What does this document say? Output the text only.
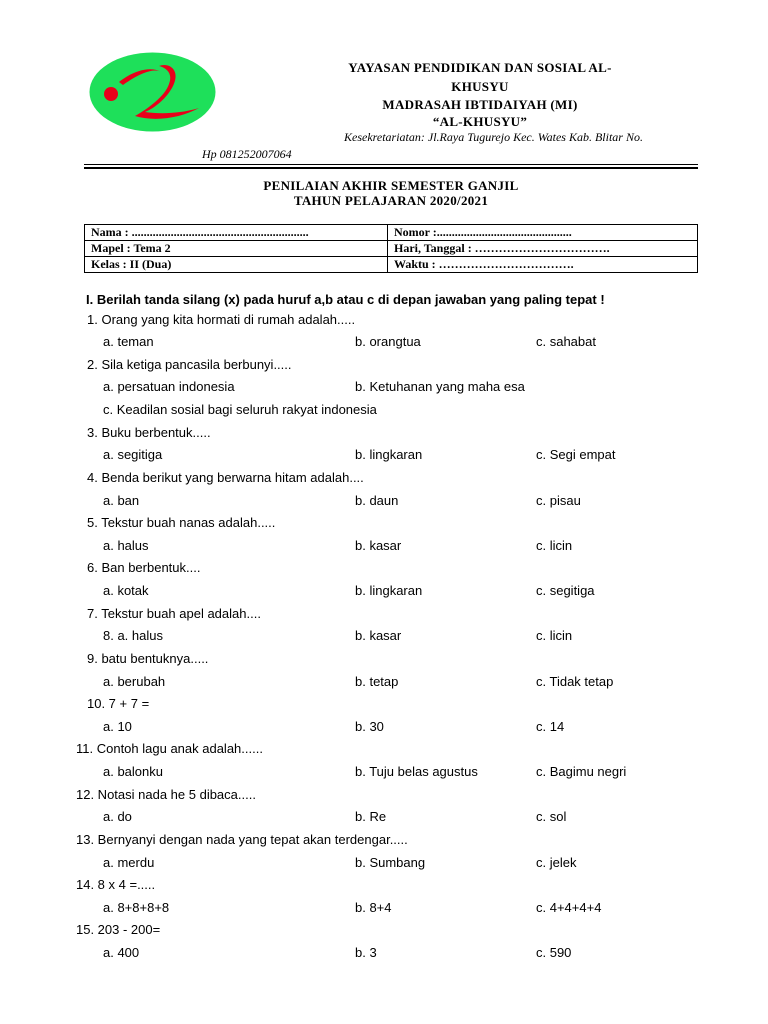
YAYASAN PENDIDIKAN DAN SOSIAL AL-
KHUSYU
MADRASAH IBTIDAIYAH (MI)
“AL-KHUSYU”
Kesekretariatan: Jl.Raya Tugurejo Kec. Wates Kab. Blitar No.
Hp 081252007064
PENILAIAN AKHIR SEMESTER GANJIL
TAHUN PELAJARAN 2020/2021
Nama : ...........................................................	Nomor :.............................................
Mapel : Tema 2	Hari, Tanggal : …………………………….
Kelas : II (Dua)	Waktu : …………………………….
I. Berilah tanda silang (x) pada huruf a,b atau c di depan jawaban yang paling tepat !
1. Orang yang kita hormati di rumah adalah.....
a. teman	b. orangtua	c. sahabat
2. Sila ketiga pancasila berbunyi.....
a. persatuan indonesia	b. Ketuhanan yang maha esa
c. Keadilan sosial bagi seluruh rakyat indonesia
3. Buku berbentuk.....
a. segitiga	b. lingkaran	c. Segi empat
4. Benda berikut yang berwarna hitam adalah....
a. ban	b. daun	c. pisau
5. Tekstur buah nanas adalah.....
a. halus	b. kasar	c. licin
6. Ban berbentuk....
a. kotak	b. lingkaran	c. segitiga
7. Tekstur buah apel adalah....
8. a. halus	b. kasar	c. licin
9. batu bentuknya.....
a. berubah	b. tetap	c. Tidak tetap
10. 7 + 7 =
a. 10	b. 30	c. 14
11. Contoh lagu anak adalah......
a. balonku	b. Tuju belas agustus	c. Bagimu negri
12. Notasi nada he 5 dibaca.....
a. do	b. Re	c. sol
13. Bernyanyi dengan nada yang tepat akan terdengar.....
a. merdu	b. Sumbang	c. jelek
14. 8 x 4 =.....
a. 8+8+8+8	b. 8+4	c. 4+4+4+4
15. 203 - 200=
a. 400	b. 3	c. 590
